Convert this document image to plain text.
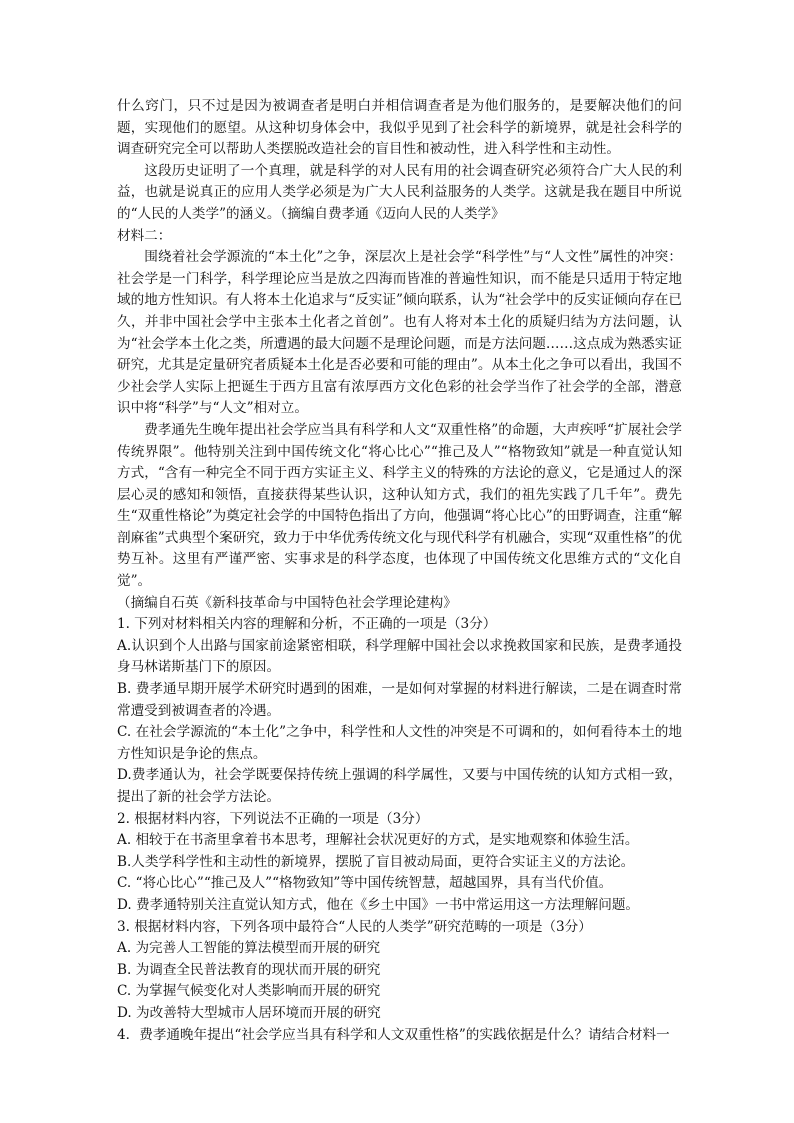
什么窍门，只不过是因为被调查者是明白并相信调查者是为他们服务的，是要解决他们的问题，实现他们的愿望。从这种切身体会中，我似乎见到了社会科学的新境界，就是社会科学的调查研究完全可以帮助人类摆脱改造社会的盲目性和被动性，进入科学性和主动性。

这段历史证明了一个真理，就是科学的对人民有用的社会调查研究必须符合广大人民的利益，也就是说真正的应用人类学必须是为广大人民利益服务的人类学。这就是我在题目中所说的“人民的人类学”的涵义。（摘编自费孝通《迈向人民的人类学》

材料二：

围绕着社会学源流的“本土化”之争，深层次上是社会学“科学性”与“人文性”属性的冲突：社会学是一门科学，科学理论应当是放之四海而皆准的普遍性知识，而不能是只适用于特定地域的地方性知识。有人将本土化追求与“反实证”倾向联系，认为“社会学中的反实证倾向存在已久，并非中国社会学中主张本土化者之首创”。也有人将对本土化的质疑归结为方法问题，认为“社会学本土化之类，所遭遇的最大问题不是理论问题，而是方法问题……这点成为熟悉实证研究，尤其是定量研究者质疑本土化是否必要和可能的理由”。从本土化之争可以看出，我国不少社会学人实际上把诞生于西方且富有浓厚西方文化色彩的社会学当作了社会学的全部，潜意识中将“科学”与“人文”相对立。

费孝通先生晚年提出社会学应当具有科学和人文“双重性格”的命题，大声疾呼“扩展社会学传统界限”。他特别关注到中国传统文化“将心比心”“推己及人”“格物致知”就是一种直觉认知方式，“含有一种完全不同于西方实证主义、科学主义的特殊的方法论的意义，它是通过人的深层心灵的感知和领悟，直接获得某些认识，这种认知方式，我们的祖先实践了几千年”。费先生“双重性格论”为奠定社会学的中国特色指出了方向，他强调“将心比心”的田野调查，注重“解剖麻雀”式典型个案研究，致力于中华优秀传统文化与现代科学有机融合，实现“双重性格”的优势互补。这里有严谨严密、实事求是的科学态度，也体现了中国传统文化思维方式的“文化自觉”。

（摘编自石英《新科技革命与中国特色社会学理论建构》

1. 下列对材料相关内容的理解和分析，不正确的一项是（3分）

A.认识到个人出路与国家前途紧密相联，科学理解中国社会以求挽救国家和民族，是费孝通投身马林诺斯基门下的原因。

B. 费孝通早期开展学术研究时遇到的困难，一是如何对掌握的材料进行解读，二是在调查时常常遭受到被调查者的冷遇。

C. 在社会学源流的“本土化”之争中，科学性和人文性的冲突是不可调和的，如何看待本土的地方性知识是争论的焦点。

D.费孝通认为，社会学既要保持传统上强调的科学属性，又要与中国传统的认知方式相一致，提出了新的社会学方法论。

2. 根据材料内容，下列说法不正确的一项是（3分）

A. 相较于在书斋里拿着书本思考，理解社会状况更好的方式，是实地观察和体验生活。

B.人类学科学性和主动性的新境界，摆脱了盲目被动局面，更符合实证主义的方法论。

C. “将心比心”“推己及人”“格物致知”等中国传统智慧，超越国界，具有当代价值。

D. 费孝通特别关注直觉认知方式，他在《乡土中国》一书中常运用这一方法理解问题。

3. 根据材料内容，下列各项中最符合“人民的人类学”研究范畴的一项是（3分）

A. 为完善人工智能的算法模型而开展的研究

B. 为调查全民普法教育的现状而开展的研究

C. 为掌握气候变化对人类影响而开展的研究

D. 为改善特大型城市人居环境而开展的研究

4．费孝通晚年提出“社会学应当具有科学和人文双重性格”的实践依据是什么？请结合材料一
